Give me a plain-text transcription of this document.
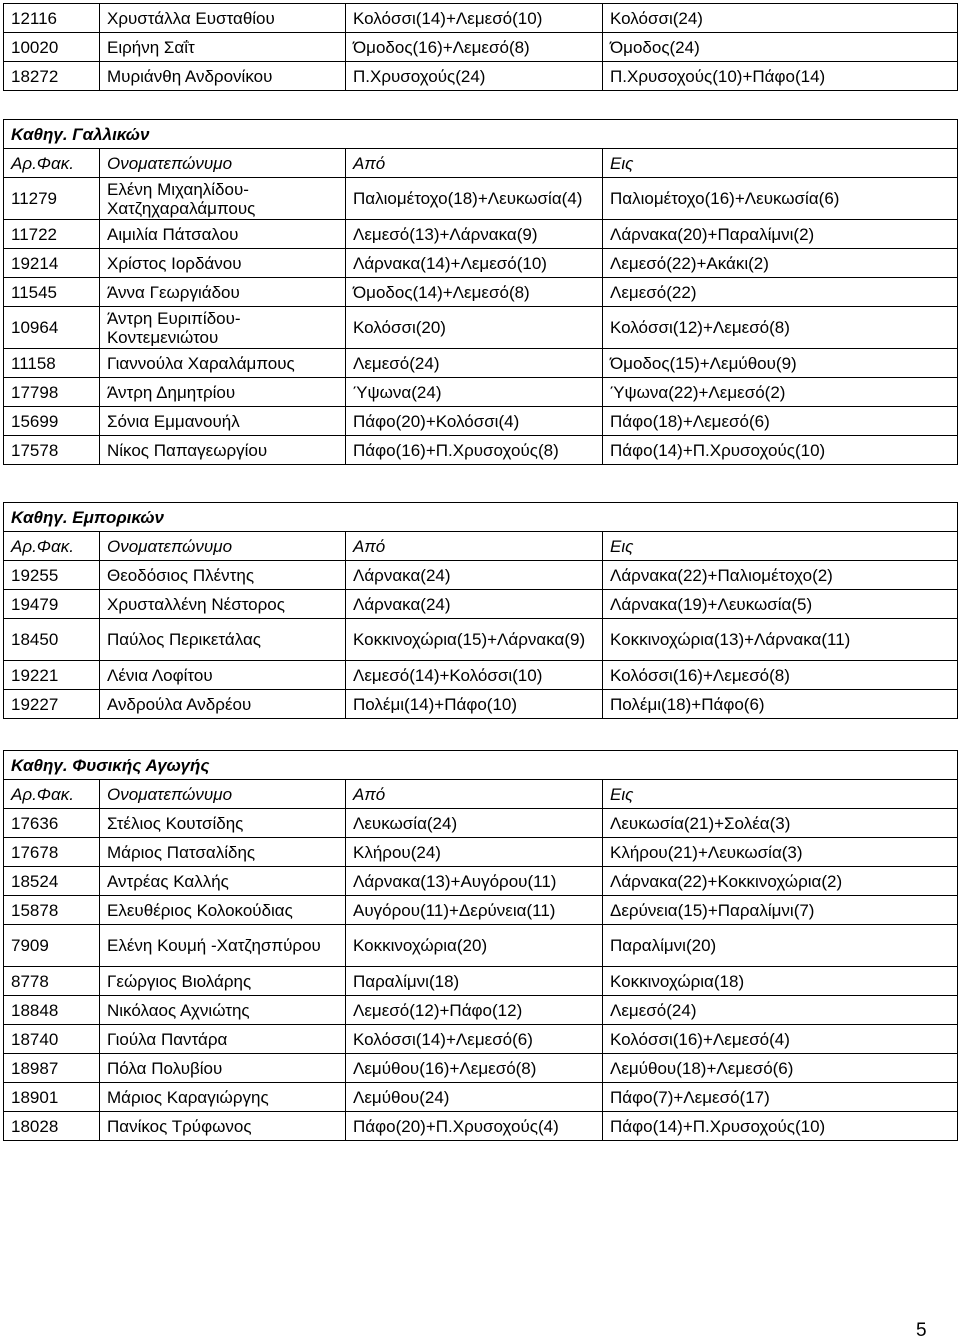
12116	Χρυστάλλα Ευσταθίου	Κολόσσι(14)+Λεμεσό(10)	Κολόσσι(24)
10020	Ειρήνη Σαΐτ	Όμοδος(16)+Λεμεσό(8)	Όμοδος(24)
18272	Μυριάνθη Ανδρονίκου	Π.Χρυσοχούς(24)	Π.Χρυσοχούς(10)+Πάφο(14)
Καθηγ. Γαλλικών			
Αρ.Φακ.	Ονοματεπώνυμο	Από	Εις
11279	Ελένη Μιχαηλίδου-Χατζηχαραλάμπους	Παλιομέτοχο(18)+Λευκωσία(4)	Παλιομέτοχο(16)+Λευκωσία(6)
11722	Αιμιλία Πάτσαλου	Λεμεσό(13)+Λάρνακα(9)	Λάρνακα(20)+Παραλίμνι(2)
19214	Χρίστος Ιορδάνου	Λάρνακα(14)+Λεμεσό(10)	Λεμεσό(22)+Ακάκι(2)
11545	Άννα Γεωργιάδου	Όμοδος(14)+Λεμεσό(8)	Λεμεσό(22)
10964	Άντρη Ευριπίδου-Κοντεμενιώτου	Κολόσσι(20)	Κολόσσι(12)+Λεμεσό(8)
11158	Γιαννούλα Χαραλάμπους	Λεμεσό(24)	Όμοδος(15)+Λεμύθου(9)
17798	Άντρη Δημητρίου	Ύψωνα(24)	Ύψωνα(22)+Λεμεσό(2)
15699	Σόνια Εμμανουήλ	Πάφο(20)+Κολόσσι(4)	Πάφο(18)+Λεμεσό(6)
17578	Νίκος Παπαγεωργίου	Πάφο(16)+Π.Χρυσοχούς(8)	Πάφο(14)+Π.Χρυσοχούς(10)
Καθηγ. Εμπορικών			
Αρ.Φακ.	Ονοματεπώνυμο	Από	Εις
19255	Θεοδόσιος Πλέντης	Λάρνακα(24)	Λάρνακα(22)+Παλιομέτοχο(2)
19479	Χρυσταλλένη Νέστορος	Λάρνακα(24)	Λάρνακα(19)+Λευκωσία(5)
18450	Παύλος Περικετάλας	Κοκκινοχώρια(15)+Λάρνακα(9)	Κοκκινοχώρια(13)+Λάρνακα(11)
19221	Λένια Λοφίτου	Λεμεσό(14)+Κολόσσι(10)	Κολόσσι(16)+Λεμεσό(8)
19227	Ανδρούλα Ανδρέου	Πολέμι(14)+Πάφο(10)	Πολέμι(18)+Πάφο(6)
Καθηγ. Φυσικής Αγωγής			
Αρ.Φακ.	Ονοματεπώνυμο	Από	Εις
17636	Στέλιος Κουτσίδης	Λευκωσία(24)	Λευκωσία(21)+Σολέα(3)
17678	Μάριος Πατσαλίδης	Κλήρου(24)	Κλήρου(21)+Λευκωσία(3)
18524	Αντρέας Καλλής	Λάρνακα(13)+Αυγόρου(11)	Λάρνακα(22)+Κοκκινοχώρια(2)
15878	Ελευθέριος Κολοκούδιας	Αυγόρου(11)+Δερύνεια(11)	Δερύνεια(15)+Παραλίμνι(7)
7909	Ελένη Κουμή -Χατζησπύρου	Κοκκινοχώρια(20)	Παραλίμνι(20)
8778	Γεώργιος Βιολάρης	Παραλίμνι(18)	Κοκκινοχώρια(18)
18848	Νικόλαος Αχνιώτης	Λεμεσό(12)+Πάφο(12)	Λεμεσό(24)
18740	Γιούλα Παντάρα	Κολόσσι(14)+Λεμεσό(6)	Κολόσσι(16)+Λεμεσό(4)
18987	Πόλα Πολυβίου	Λεμύθου(16)+Λεμεσό(8)	Λεμύθου(18)+Λεμεσό(6)
18901	Μάριος Καραγιώργης	Λεμύθου(24)	Πάφο(7)+Λεμεσό(17)
18028	Πανίκος Τρύφωνος	Πάφο(20)+Π.Χρυσοχούς(4)	Πάφο(14)+Π.Χρυσοχούς(10)
5
